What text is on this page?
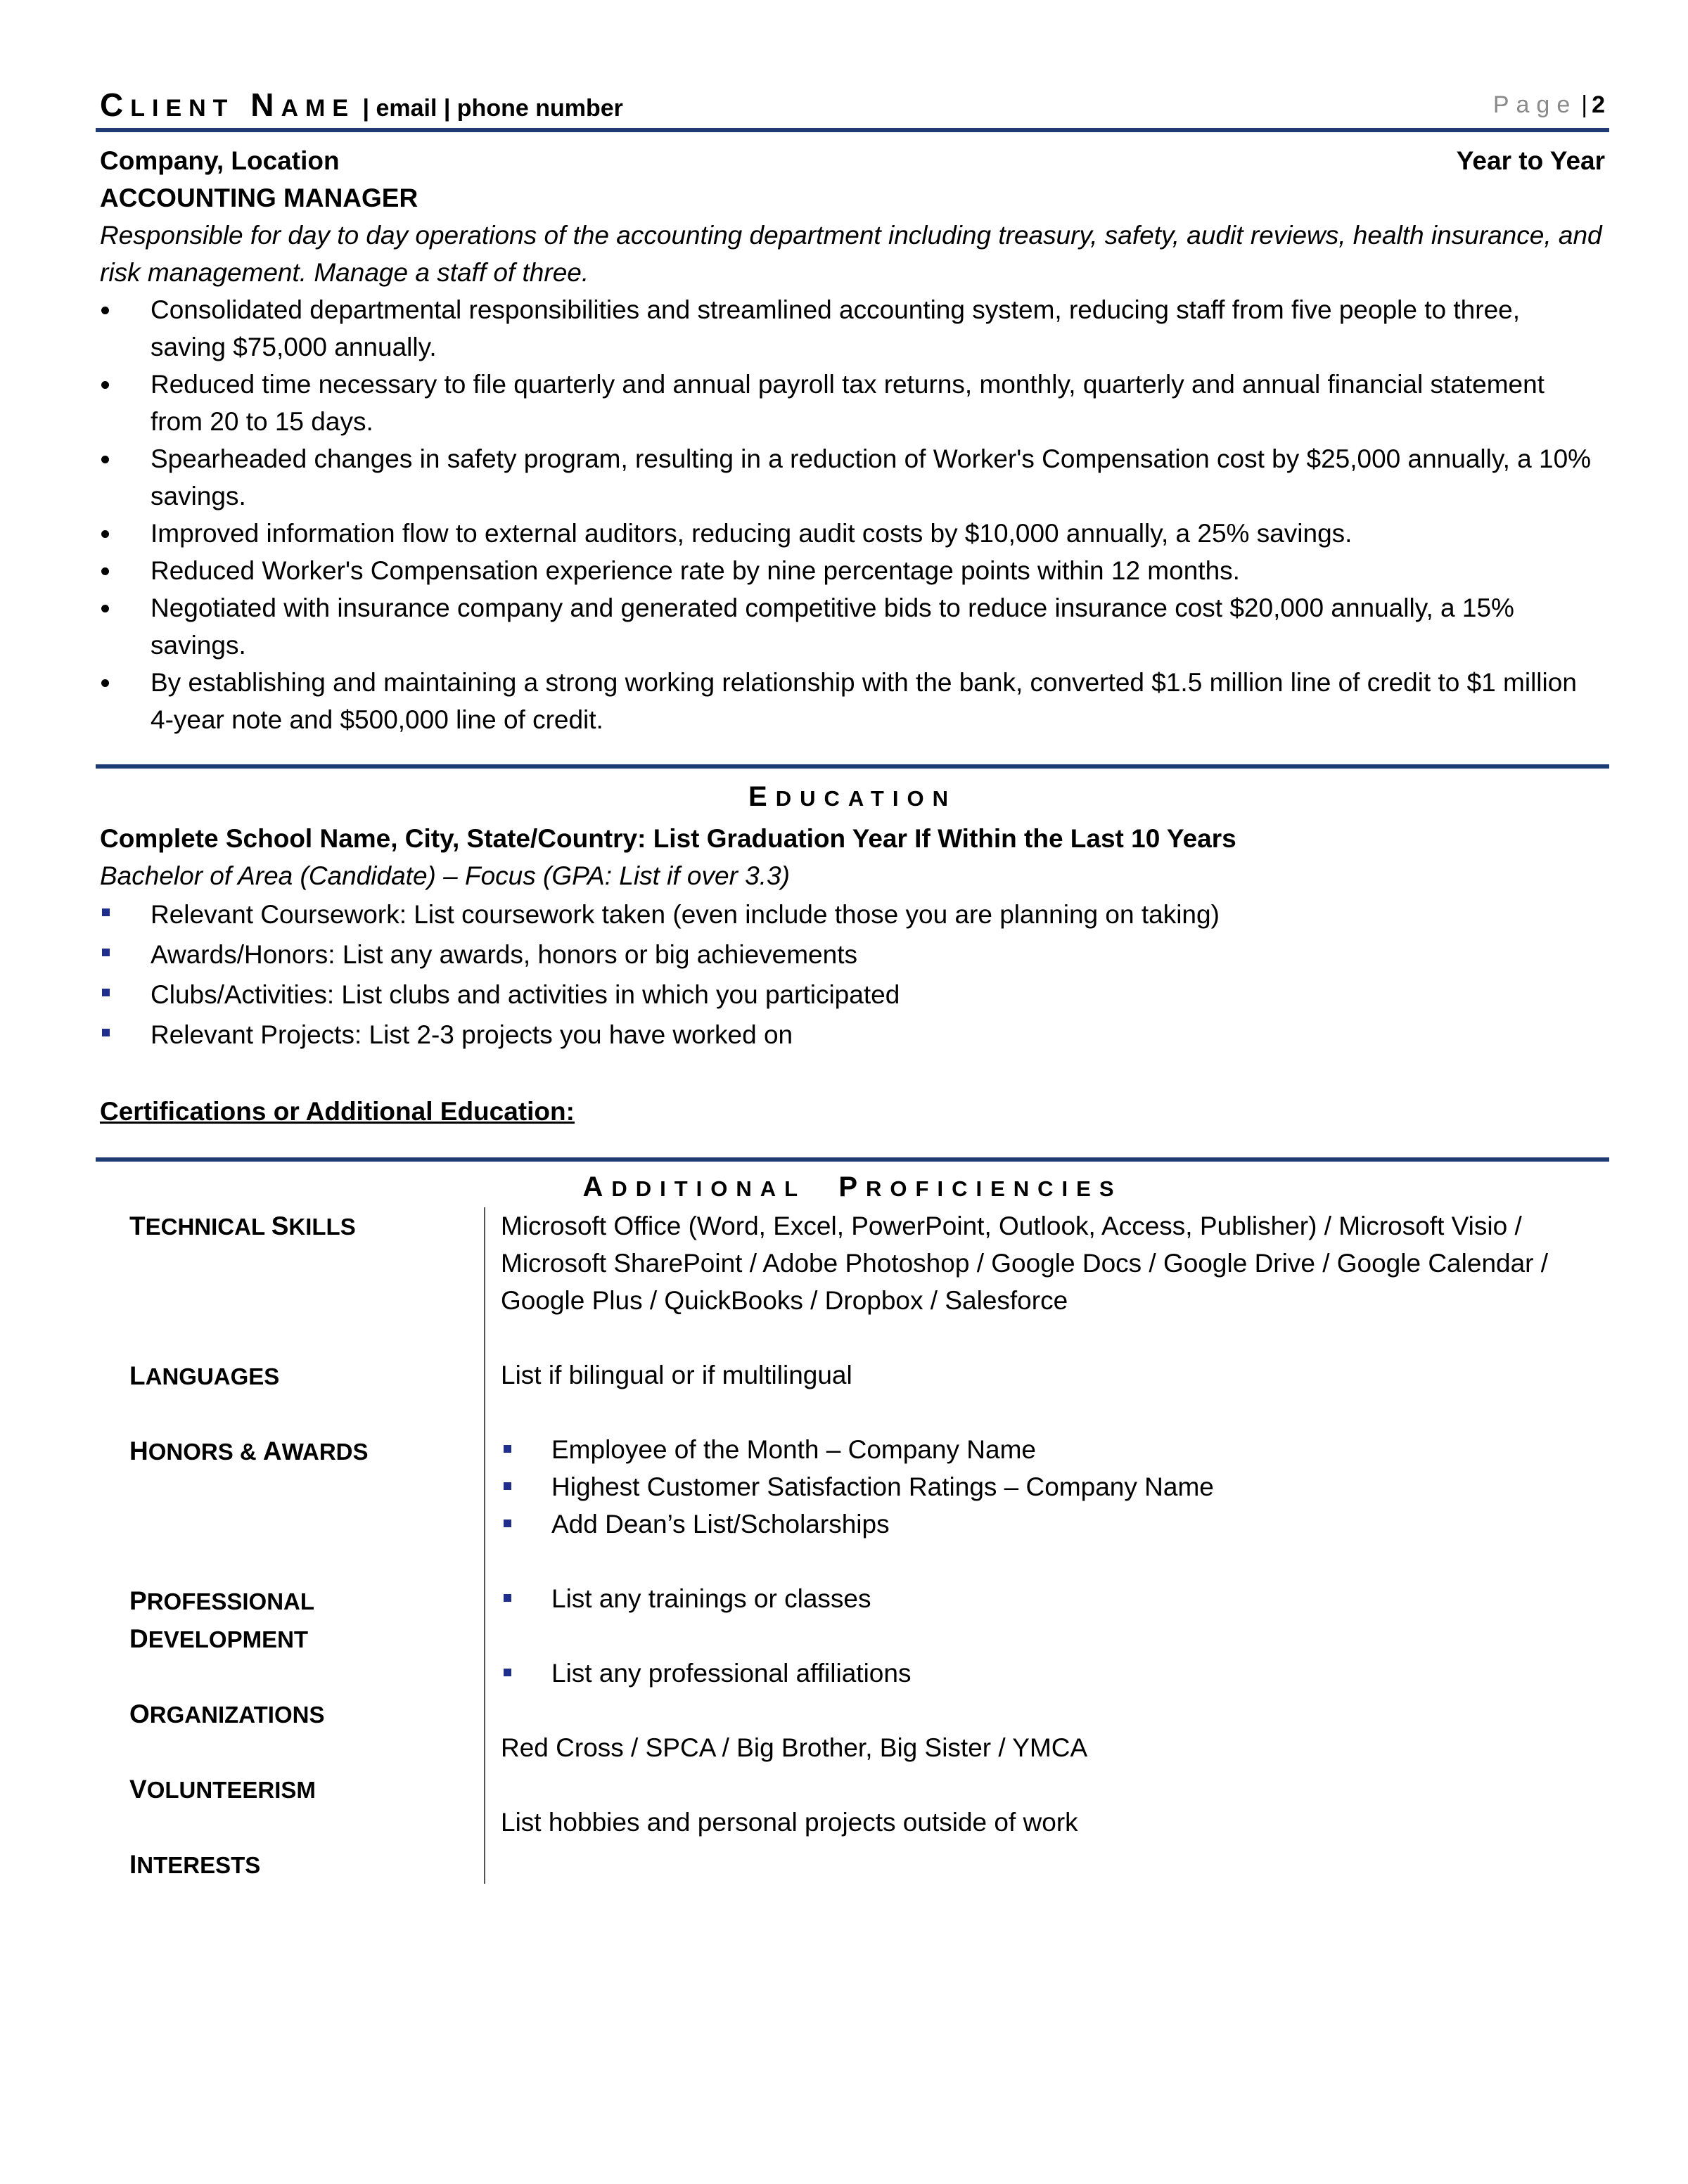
CLIENT NAME | email | phone number	Page | 2
Company, Location	Year to Year
ACCOUNTING MANAGER
Responsible for day to day operations of the accounting department including treasury, safety, audit reviews, health insurance, and risk management. Manage a staff of three.
Consolidated departmental responsibilities and streamlined accounting system, reducing staff from five people to three, saving $75,000 annually.
Reduced time necessary to file quarterly and annual payroll tax returns, monthly, quarterly and annual financial statement from 20 to 15 days.
Spearheaded changes in safety program, resulting in a reduction of Worker's Compensation cost by $25,000 annually, a 10% savings.
Improved information flow to external auditors, reducing audit costs by $10,000 annually, a 25% savings.
Reduced Worker's Compensation experience rate by nine percentage points within 12 months.
Negotiated with insurance company and generated competitive bids to reduce insurance cost $20,000 annually, a 15% savings.
By establishing and maintaining a strong working relationship with the bank, converted $1.5 million line of credit to $1 million 4-year note and $500,000 line of credit.
EDUCATION
Complete School Name, City, State/Country: List Graduation Year If Within the Last 10 Years
Bachelor of Area (Candidate) – Focus (GPA: List if over 3.3)
Relevant Coursework: List coursework taken (even include those you are planning on taking)
Awards/Honors: List any awards, honors or big achievements
Clubs/Activities: List clubs and activities in which you participated
Relevant Projects: List 2-3 projects you have worked on
Certifications or Additional Education:
ADDITIONAL PROFICIENCIES
TECHNICAL SKILLS
LANGUAGES
HONORS & AWARDS
PROFESSIONAL DEVELOPMENT
ORGANIZATIONS
VOLUNTEERISM
INTERESTS
Microsoft Office (Word, Excel, PowerPoint, Outlook, Access, Publisher) / Microsoft Visio / Microsoft SharePoint / Adobe Photoshop / Google Docs / Google Drive / Google Calendar / Google Plus / QuickBooks / Dropbox / Salesforce
List if bilingual or if multilingual
Employee of the Month – Company Name
Highest Customer Satisfaction Ratings – Company Name
Add Dean’s List/Scholarships
List any trainings or classes
List any professional affiliations
Red Cross / SPCA / Big Brother, Big Sister / YMCA
List hobbies and personal projects outside of work
